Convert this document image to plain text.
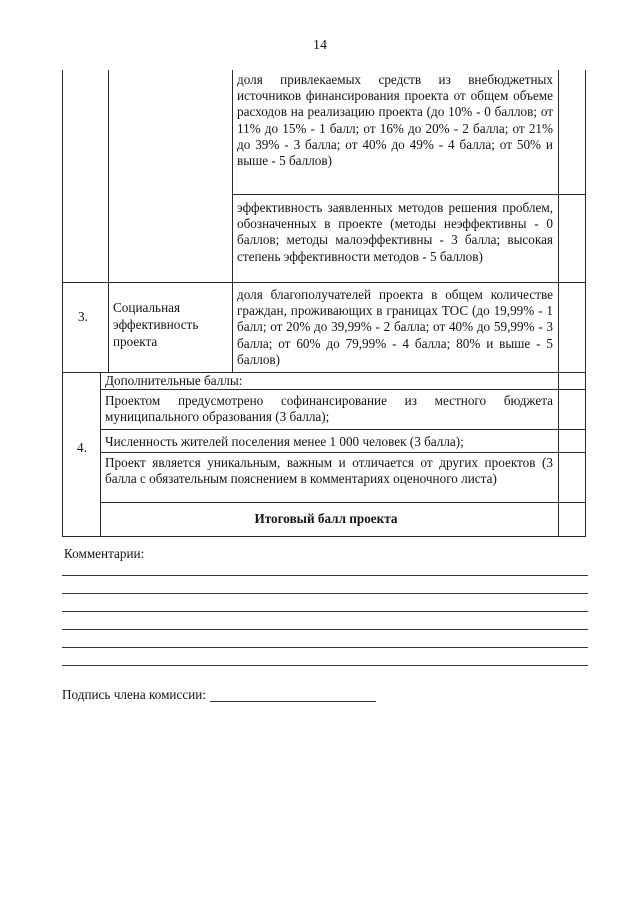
14
доля привлекаемых средств из внебюджетных источников финансирования проекта от общем объеме расходов на реализацию проекта (до 10% - 0 баллов; от 11% до 15% - 1 балл; от 16% до 20% - 2 балла; от 21% до 39% - 3 балла; от 40% до 49% - 4 балла; от 50% и выше - 5 баллов)
эффективность заявленных методов решения проблем, обозначенных в проекте (методы неэффективны - 0 баллов; методы малоэффективны - 3 балла; высокая степень эффективности методов - 5 баллов)
3.
Социальная эффективность проекта
доля благополучателей проекта в общем количестве граждан, проживающих в границах ТОС (до 19,99% - 1 балл; от 20% до 39,99% - 2 балла; от 40% до 59,99% - 3 балла; от 60% до 79,99% - 4 балла; 80% и выше - 5 баллов)
4.
Дополнительные баллы:
Проектом предусмотрено софинансирование из местного бюджета муниципального образования (3 балла);
Численность жителей поселения менее 1 000 человек (3 балла);
Проект является уникальным, важным и отличается от других проектов (3 балла с обязательным пояснением в комментариях оценочного листа)
Итоговый балл проекта
Комментарии:
Подпись члена комиссии:
